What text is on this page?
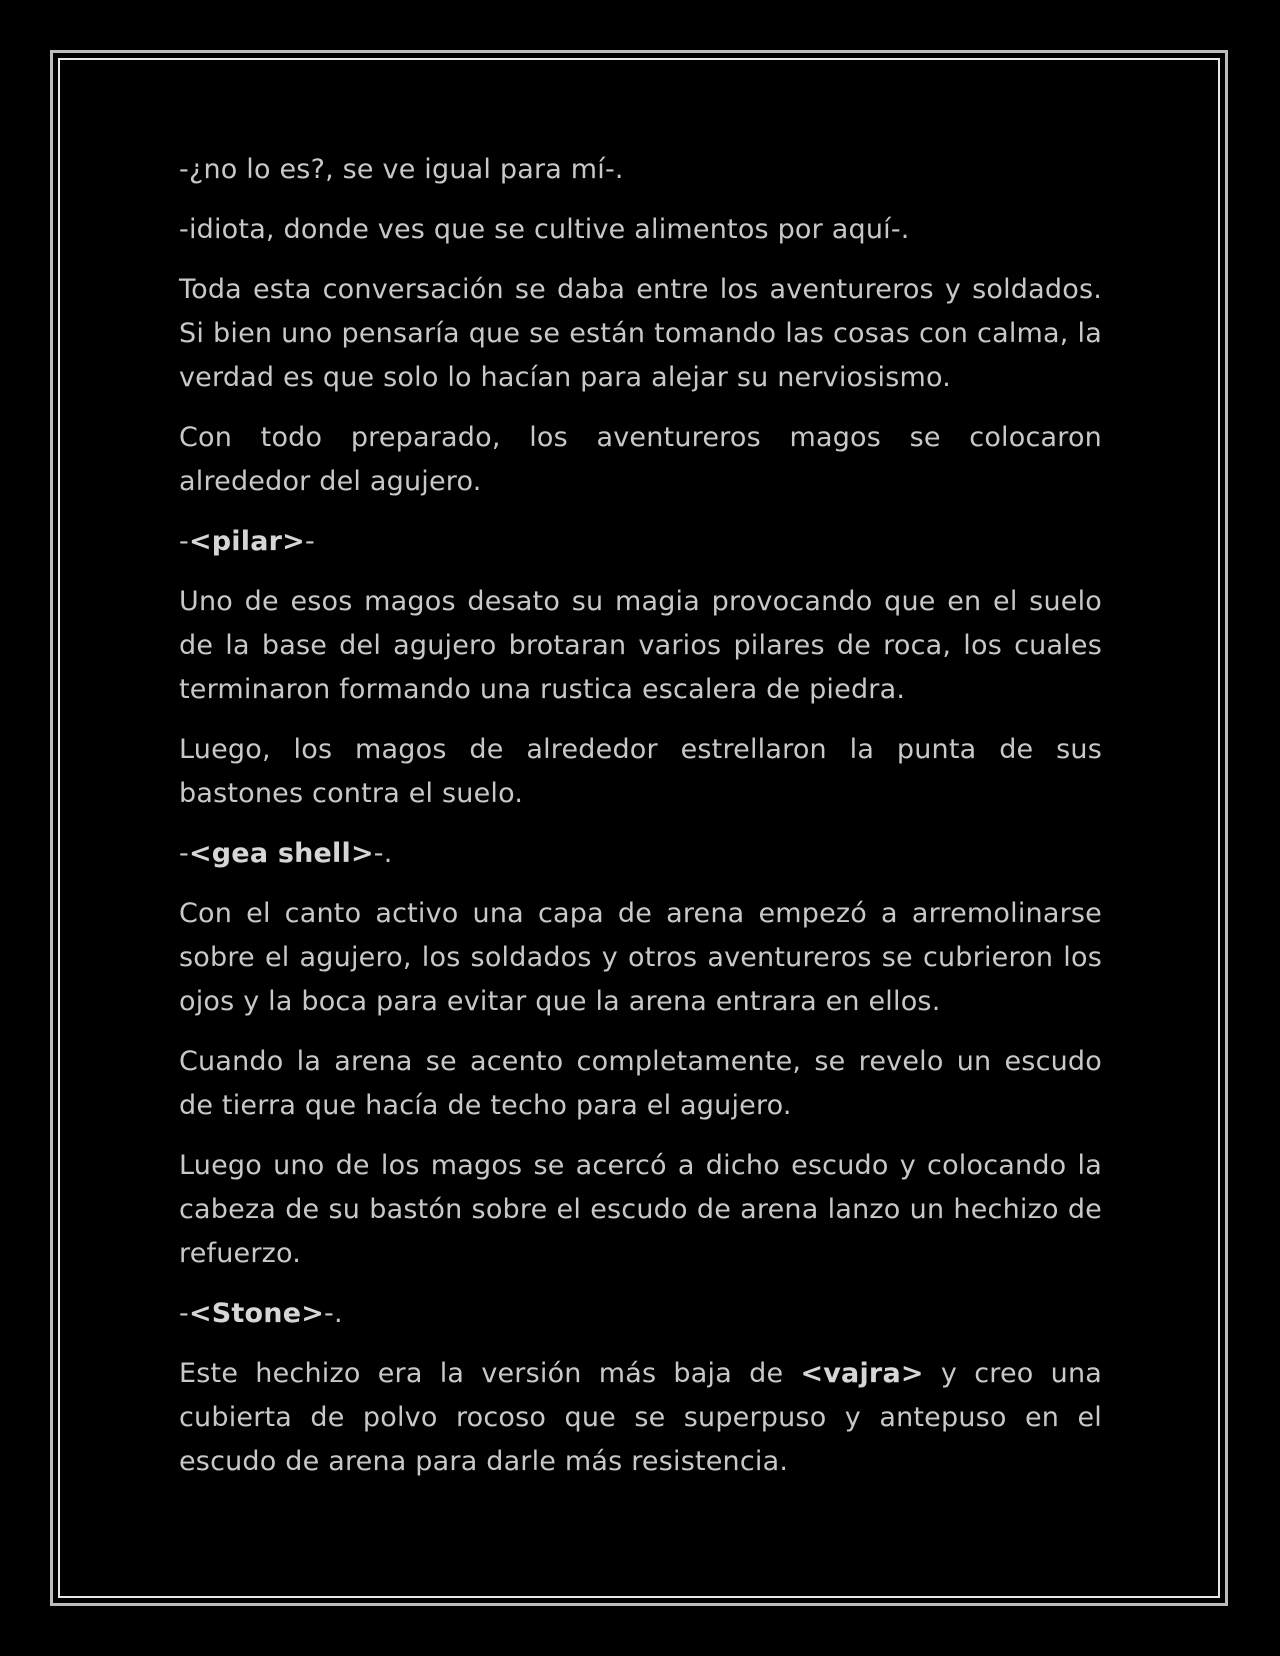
-¿no lo es?, se ve igual para mí-.

-idiota, donde ves que se cultive alimentos por aquí-.

Toda esta conversación se daba entre los aventureros y soldados. Si bien uno pensaría que se están tomando las cosas con calma, la verdad es que solo lo hacían para alejar su nerviosismo.

Con todo preparado, los aventureros magos se colocaron alrededor del agujero.

-<pilar>-

Uno de esos magos desato su magia provocando que en el suelo de la base del agujero brotaran varios pilares de roca, los cuales terminaron formando una rustica escalera de piedra.

Luego, los magos de alrededor estrellaron la punta de sus bastones contra el suelo.

-<gea shell>-.

Con el canto activo una capa de arena empezó a arremolinarse sobre el agujero, los soldados y otros aventureros se cubrieron los ojos y la boca para evitar que la arena entrara en ellos.

Cuando la arena se acento completamente, se revelo un escudo de tierra que hacía de techo para el agujero.

Luego uno de los magos se acercó a dicho escudo y colocando la cabeza de su bastón sobre el escudo de arena lanzo un hechizo de refuerzo.

-<Stone>-.

Este hechizo era la versión más baja de <vajra> y creo una cubierta de polvo rocoso que se superpuso y antepuso en el escudo de arena para darle más resistencia.
